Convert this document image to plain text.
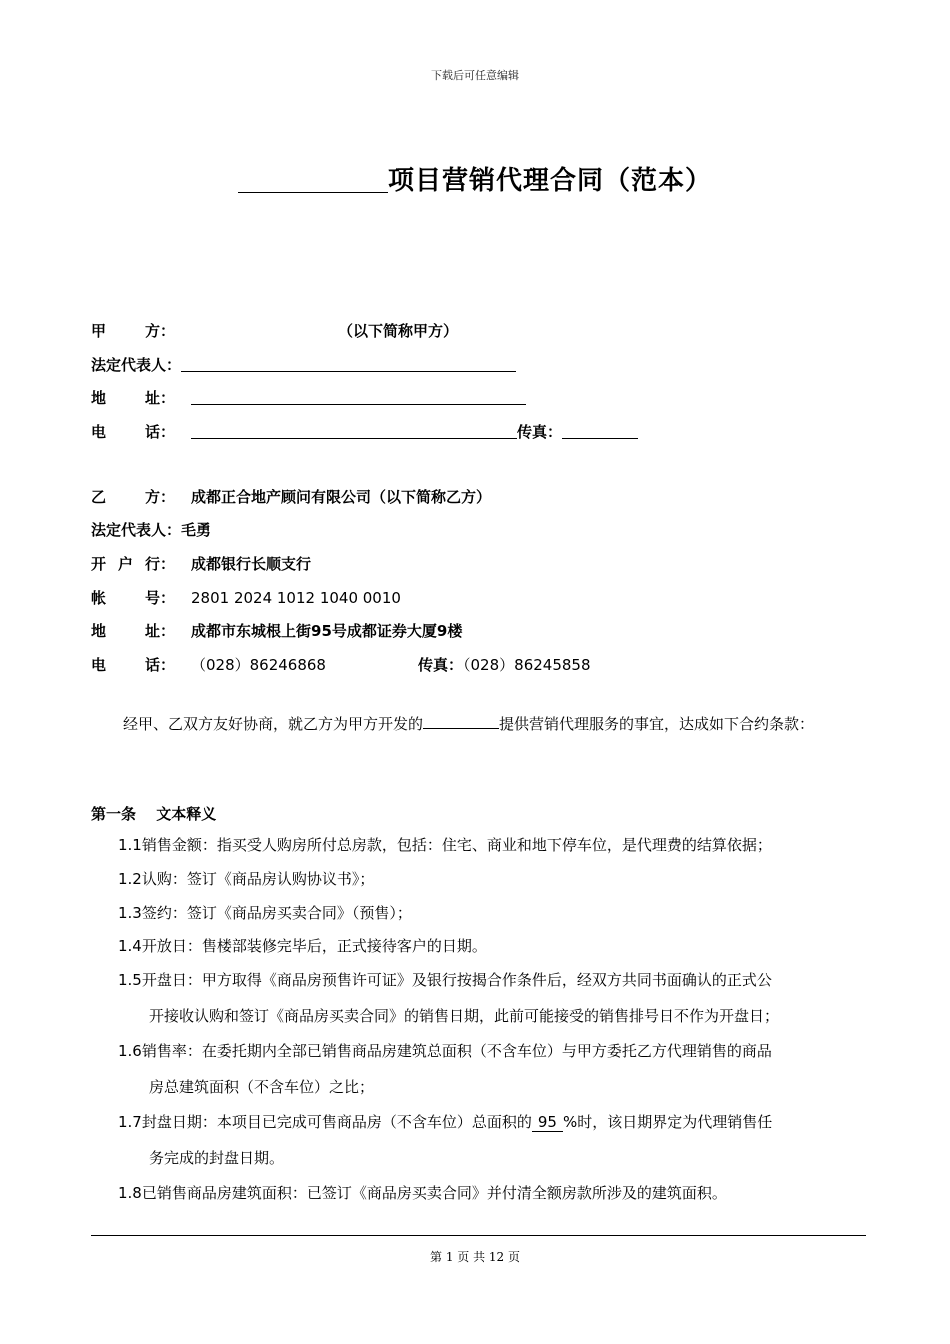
下载后可任意编辑
项目营销代理合同（范本）
甲	方：	（以下简称甲方）
法定代表人：
地	址：
电	话：	传真：
乙	方： 成都正合地产顾问有限公司（以下简称乙方）
法定代表人：毛勇
开 户 行： 成都银行长顺支行
帐	号： 2801 2024 1012 1040 0010
地	址： 成都市东城根上街95号成都证券大厦9楼
电	话： （028）86246868	传真：（028）86245858
经甲、乙双方友好协商，就乙方为甲方开发的	提供营销代理服务的事宜，达成如下合约条款：
第一条　 文本释义
1.1销售金额：指买受人购房所付总房款，包括：住宅、商业和地下停车位，是代理费的结算依据；
1.2认购：签订《商品房认购协议书》；
1.3签约：签订《商品房买卖合同》（预售）；
1.4开放日：售楼部装修完毕后，正式接待客户的日期。
1.5开盘日：甲方取得《商品房预售许可证》及银行按揭合作条件后，经双方共同书面确认的正式公
开接收认购和签订《商品房买卖合同》的销售日期，此前可能接受的销售排号日不作为开盘日；
1.6销售率：在委托期内全部已销售商品房建筑总面积（不含车位）与甲方委托乙方代理销售的商品
房总建筑面积（不含车位）之比；
1.7封盘日期：本项目已完成可售商品房（不含车位）总面积的 95 %时，该日期界定为代理销售任
务完成的封盘日期。
1.8已销售商品房建筑面积：已签订《商品房买卖合同》并付清全额房款所涉及的建筑面积。
第 1 页 共 12 页
